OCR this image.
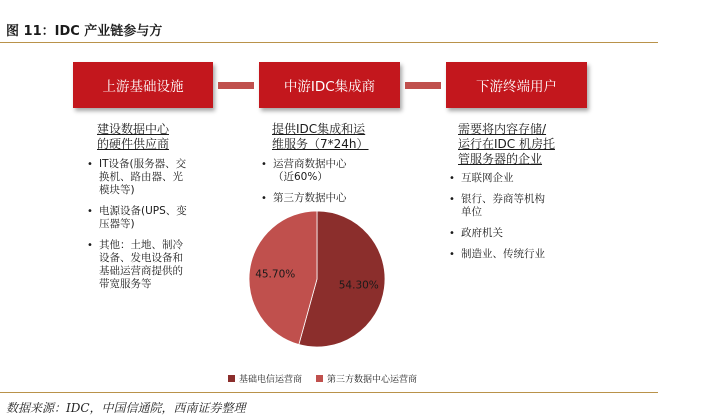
图 11：IDC 产业链参与方
上游基础设施	中游IDC集成商	下游终端用户
建设数据中心
的硬件供应商
• IT设备(服务器、交
换机、路由器、光
模块等)
• 电源设备(UPS、变
压器等)
• 其他：土地、制冷
设备、发电设备和
基础运营商提供的
带宽服务等
提供IDC集成和运
维服务（7*24h）
• 运营商数据中心
（近60%）
• 第三方数据中心
需要将内容存储/
运行在IDC 机房托
管服务器的企业
• 互联网企业
• 银行、券商等机构
单位
• 政府机关
• 制造业、传统行业
54.30%
45.70%
基础电信运营商	第三方数据中心运营商
数据来源：IDC，中国信通院，西南证券整理
